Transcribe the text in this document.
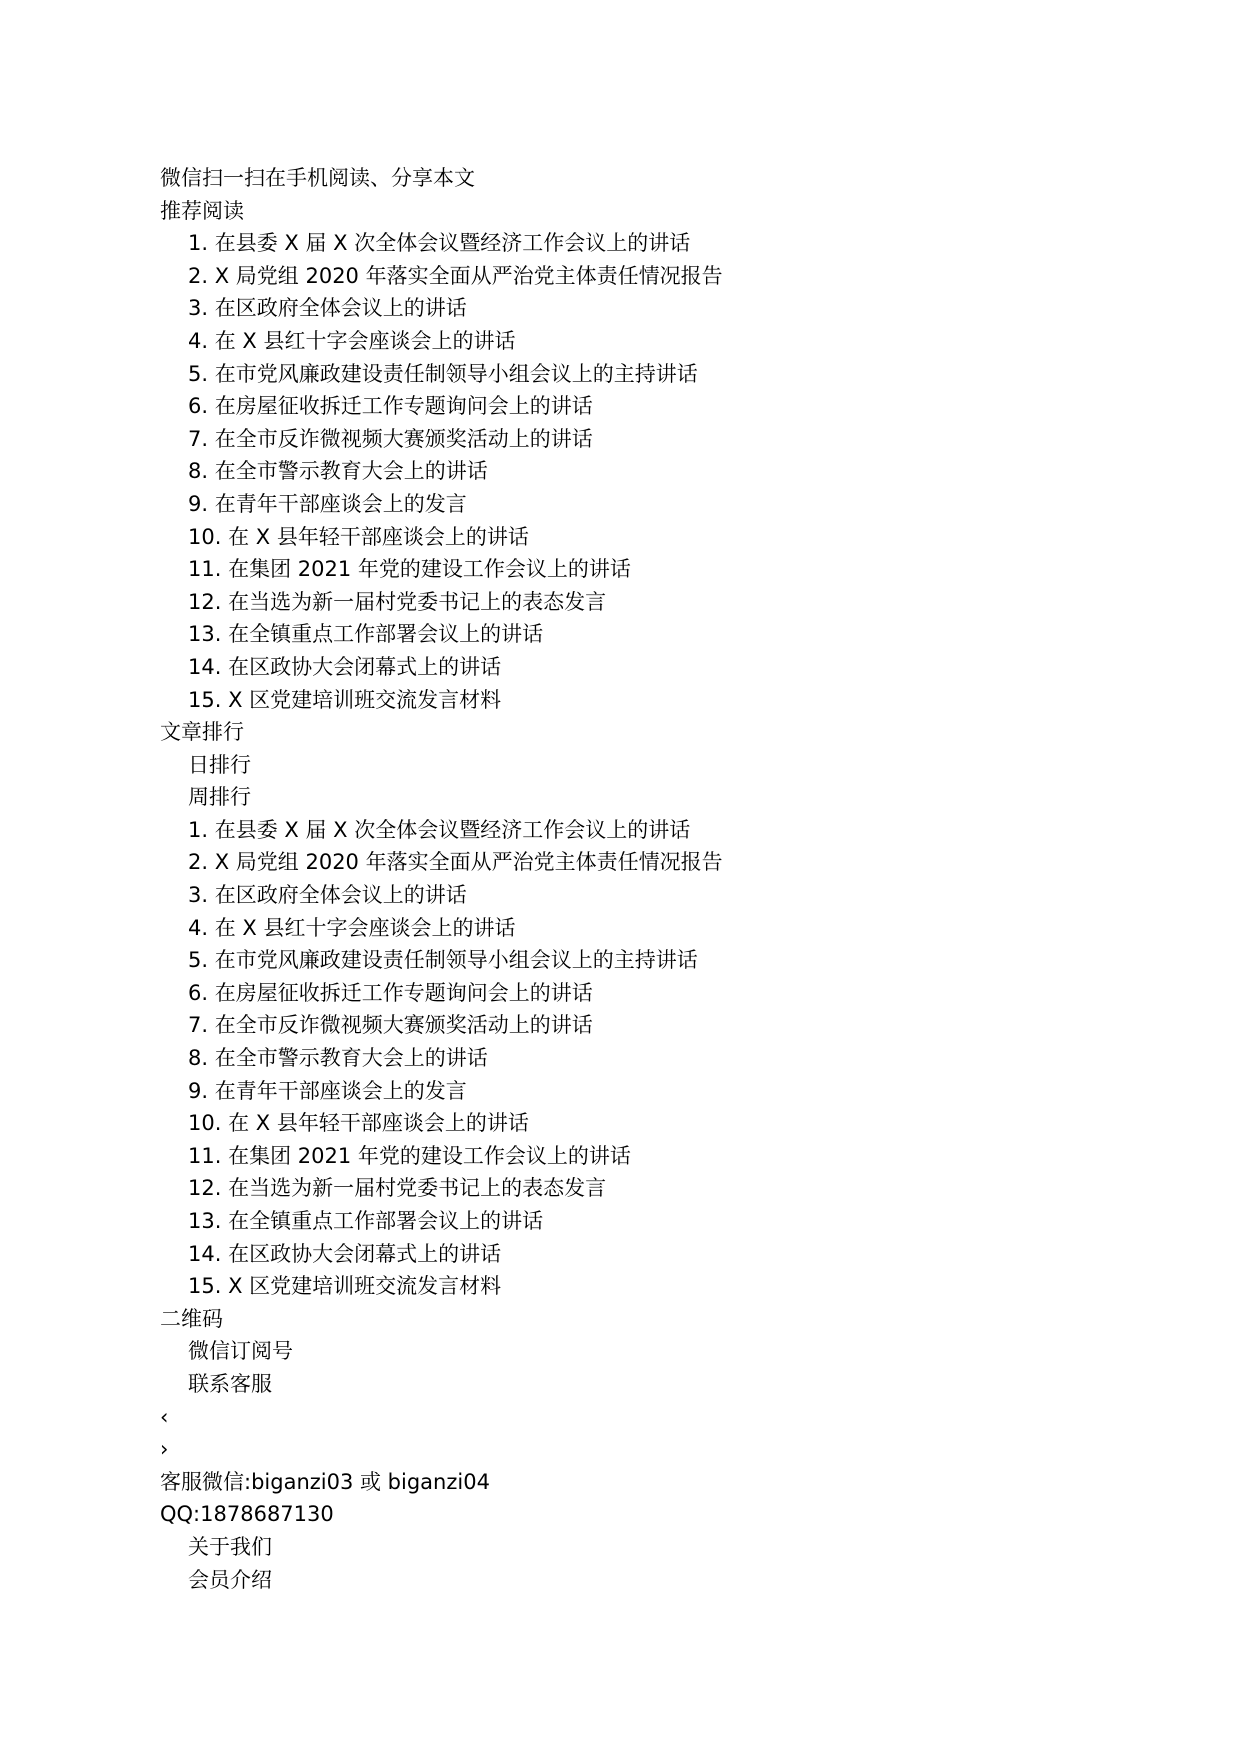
微信扫一扫在手机阅读、分享本文
推荐阅读
1. 在县委 X 届 X 次全体会议暨经济工作会议上的讲话
2. X 局党组 2020 年落实全面从严治党主体责任情况报告
3. 在区政府全体会议上的讲话
4. 在 X 县红十字会座谈会上的讲话
5. 在市党风廉政建设责任制领导小组会议上的主持讲话
6. 在房屋征收拆迁工作专题询问会上的讲话
7. 在全市反诈微视频大赛颁奖活动上的讲话
8. 在全市警示教育大会上的讲话
9. 在青年干部座谈会上的发言
10. 在 X 县年轻干部座谈会上的讲话
11. 在集团 2021 年党的建设工作会议上的讲话
12. 在当选为新一届村党委书记上的表态发言
13. 在全镇重点工作部署会议上的讲话
14. 在区政协大会闭幕式上的讲话
15. X 区党建培训班交流发言材料
文章排行
日排行
周排行
1. 在县委 X 届 X 次全体会议暨经济工作会议上的讲话
2. X 局党组 2020 年落实全面从严治党主体责任情况报告
3. 在区政府全体会议上的讲话
4. 在 X 县红十字会座谈会上的讲话
5. 在市党风廉政建设责任制领导小组会议上的主持讲话
6. 在房屋征收拆迁工作专题询问会上的讲话
7. 在全市反诈微视频大赛颁奖活动上的讲话
8. 在全市警示教育大会上的讲话
9. 在青年干部座谈会上的发言
10. 在 X 县年轻干部座谈会上的讲话
11. 在集团 2021 年党的建设工作会议上的讲话
12. 在当选为新一届村党委书记上的表态发言
13. 在全镇重点工作部署会议上的讲话
14. 在区政协大会闭幕式上的讲话
15. X 区党建培训班交流发言材料
二维码
微信订阅号
联系客服
‹
›
客服微信:biganzi03 或 biganzi04
QQ:1878687130
关于我们
会员介绍
